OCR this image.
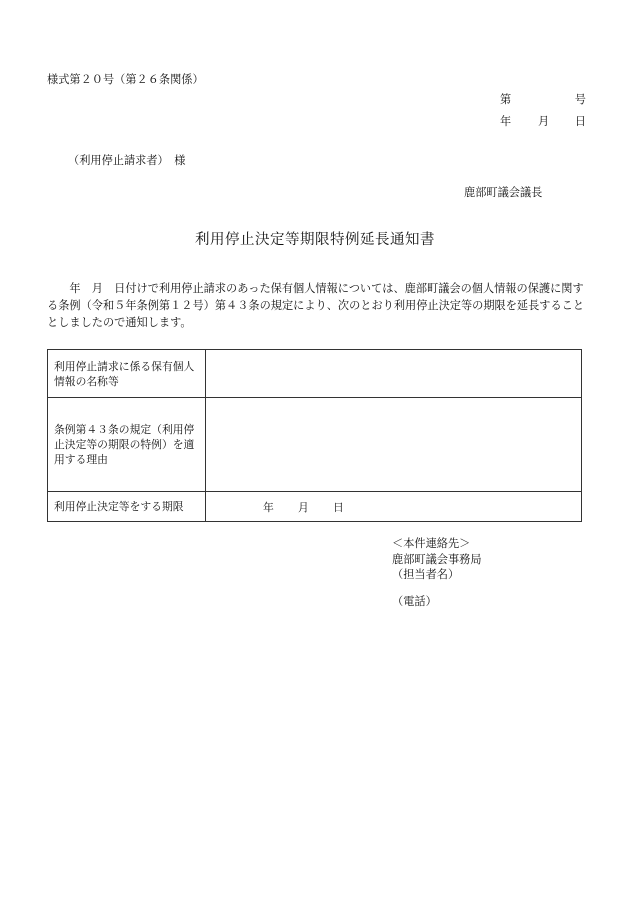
様式第２０号（第２６条関係）
第	号
年 月 日
（利用停止請求者）　様
鹿部町議会議長
利用停止決定等期限特例延長通知書
　　年　月　日付けで利用停止請求のあった保有個人情報については、鹿部町議会の個人情報の保護に関する条例（令和５年条例第１２号）第４３条の規定により、次のとおり利用停止決定等の期限を延長することとしましたので通知します。
利用停止請求に係る保有個人情報の名称等	
条例第４３条の規定（利用停止決定等の期限の特例）を適用する理由	
利用停止決定等をする期限	年 月 日
＜本件連絡先＞
鹿部町議会事務局
（担当者名）
（電話）
